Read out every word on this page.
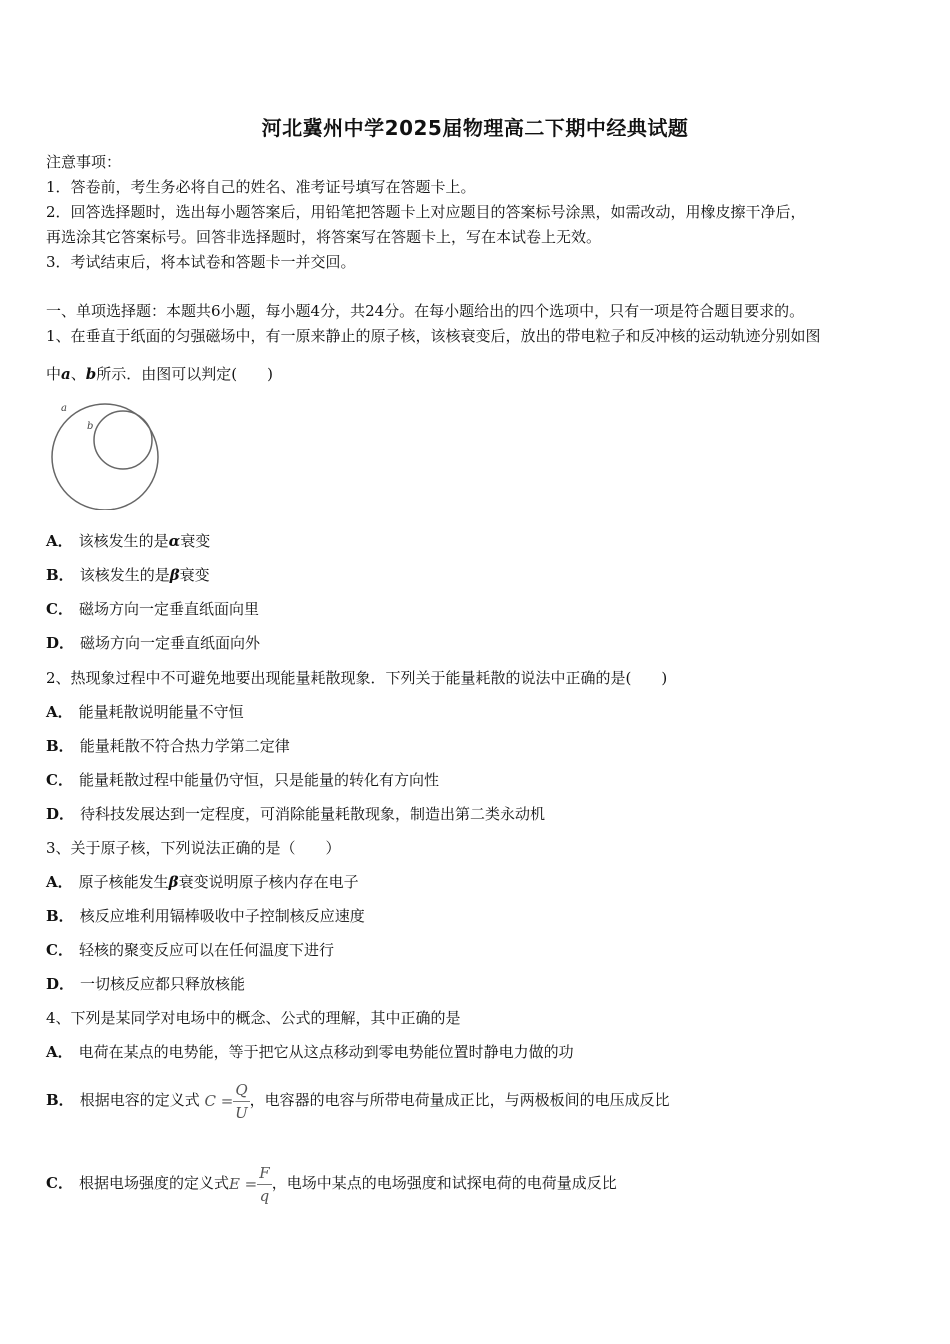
河北冀州中学2025届物理高二下期中经典试题
注意事项：
1．答卷前，考生务必将自己的姓名、准考证号填写在答题卡上。
2．回答选择题时，选出每小题答案后，用铅笔把答题卡上对应题目的答案标号涂黑，如需改动，用橡皮擦干净后，
再选涂其它答案标号。回答非选择题时，将答案写在答题卡上，写在本试卷上无效。
3．考试结束后，将本试卷和答题卡一并交回。
一、单项选择题：本题共6小题，每小题4分，共24分。在每小题给出的四个选项中，只有一项是符合题目要求的。
1、在垂直于纸面的匀强磁场中，有一原来静止的原子核，该核衰变后，放出的带电粒子和反冲核的运动轨迹分别如图
中a、b所示．由图可以判定(　　)
a
b
A． 该核发生的是α衰变
B． 该核发生的是β衰变
C． 磁场方向一定垂直纸面向里
D． 磁场方向一定垂直纸面向外
2、热现象过程中不可避免地要出现能量耗散现象．下列关于能量耗散的说法中正确的是(　　)
A． 能量耗散说明能量不守恒
B． 能量耗散不符合热力学第二定律
C． 能量耗散过程中能量仍守恒，只是能量的转化有方向性
D． 待科技发展达到一定程度，可消除能量耗散现象，制造出第二类永动机
3、关于原子核，下列说法正确的是（　　）
A． 原子核能发生β衰变说明原子核内存在电子
B． 核反应堆利用镉棒吸收中子控制核反应速度
C． 轻核的聚变反应可以在任何温度下进行
D． 一切核反应都只释放核能
4、下列是某同学对电场中的概念、公式的理解，其中正确的是
A． 电荷在某点的电势能，等于把它从这点移动到零电势能位置时静电力做的功
B． 根据电容的定义式 $C = \frac{Q}{U}$ ，电容器的电容与所带电荷量成正比，与两极板间的电压成反比
C． 根据电场强度的定义式$E = \frac{F}{q}$ ，电场中某点的电场强度和试探电荷的电荷量成反比
